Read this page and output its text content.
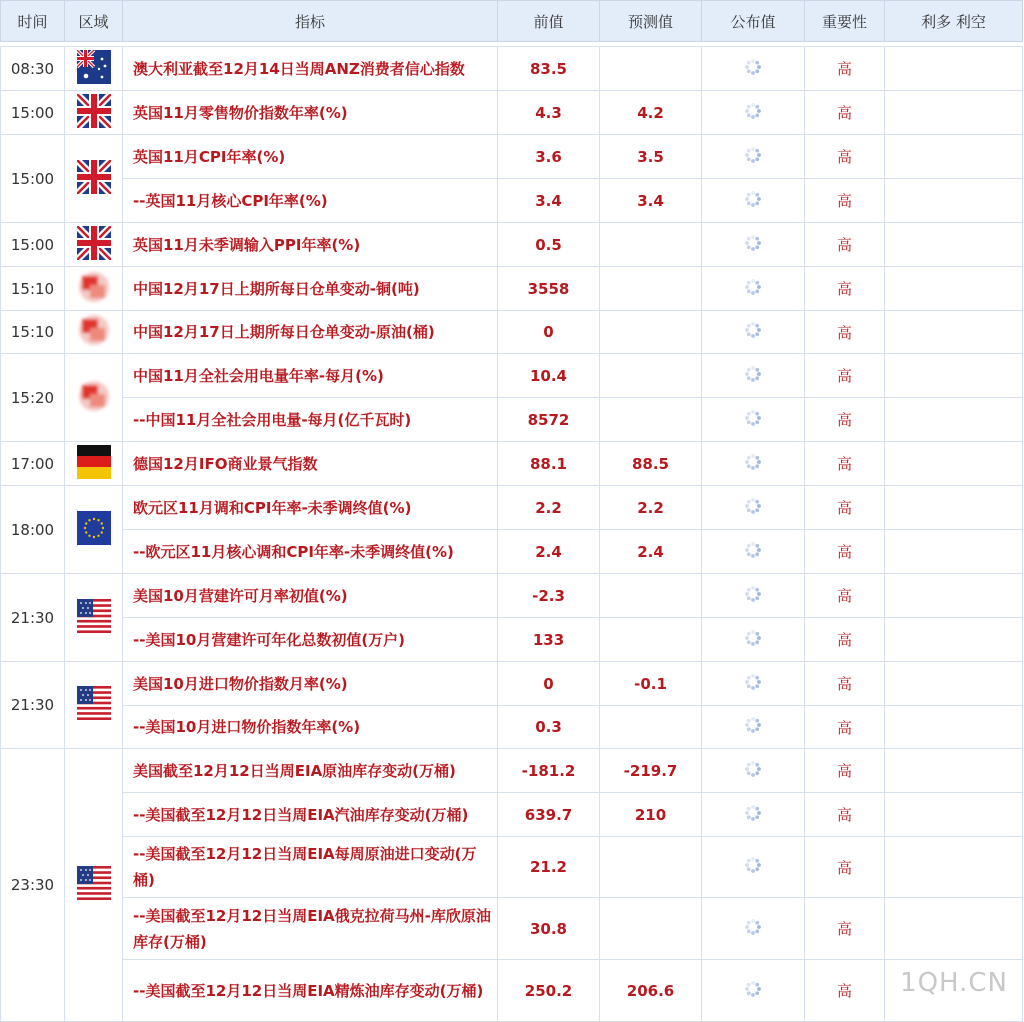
时间	区域	指标	前值	预测值	公布值	重要性	利多 利空

08:30		澳大利亚截至12月14日当周ANZ消费者信心指数	83.5			高	
15:00		英国11月零售物价指数年率(%)	4.3	4.2		高	
15:00		英国11月CPI年率(%)	3.6	3.5		高	
		--英国11月核心CPI年率(%)	3.4	3.4		高	
15:00		英国11月未季调输入PPI年率(%)	0.5			高	
15:10		中国12月17日上期所每日仓单变动-铜(吨)	3558			高	
15:10		中国12月17日上期所每日仓单变动-原油(桶)	0			高	
15:20		中国11月全社会用电量年率-每月(%)	10.4			高	
		--中国11月全社会用电量-每月(亿千瓦时)	8572			高	
17:00		德国12月IFO商业景气指数	88.1	88.5		高	
18:00		欧元区11月调和CPI年率-未季调终值(%)	2.2	2.2		高	
		--欧元区11月核心调和CPI年率-未季调终值(%)	2.4	2.4		高	
21:30		美国10月营建许可月率初值(%)	-2.3			高	
		--美国10月营建许可年化总数初值(万户)	133			高	
21:30		美国10月进口物价指数月率(%)	0	-0.1		高	
		--美国10月进口物价指数年率(%)	0.3			高	
23:30		美国截至12月12日当周EIA原油库存变动(万桶)	-181.2	-219.7		高	
		--美国截至12月12日当周EIA汽油库存变动(万桶)	639.7	210		高	
		--美国截至12月12日当周EIA每周原油进口变动(万桶)	21.2			高	
		--美国截至12月12日当周EIA俄克拉荷马州-库欣原油库存(万桶)	30.8			高	
		--美国截至12月12日当周EIA精炼油库存变动(万桶)	250.2	206.6		高	1QH.CN
